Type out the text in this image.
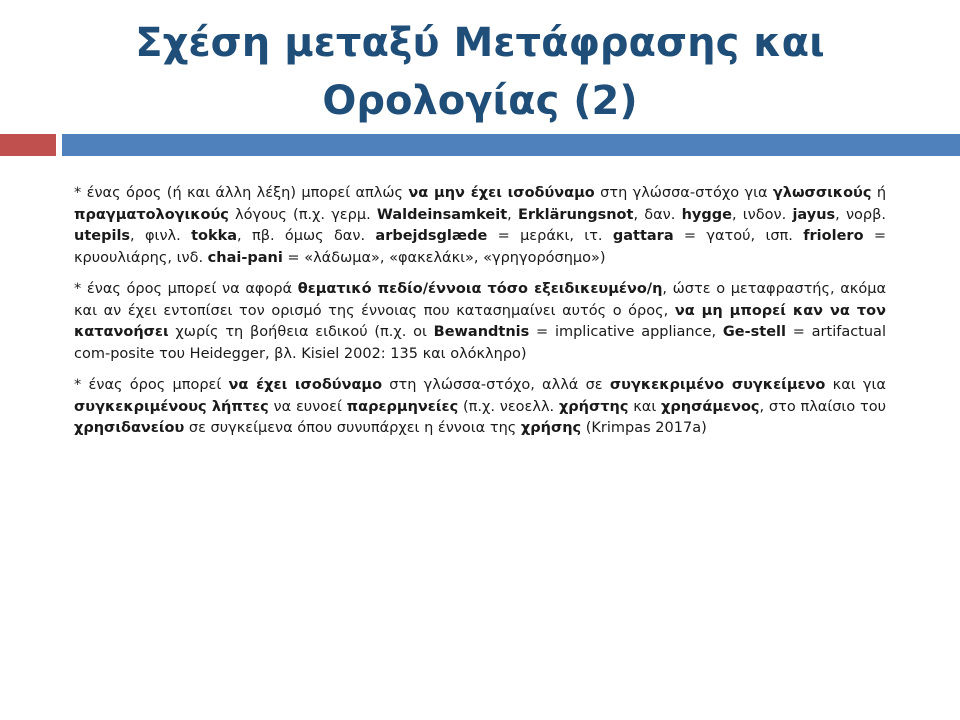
Σχέση μεταξύ Μετάφρασης και
Ορολογίας (2)

* ένας όρος (ή και άλλη λέξη) μπορεί απλώς να μην έχει ισοδύναμο στη γλώσσα-στόχο για γλωσσικούς ή πραγματολογικούς λόγους (π.χ. γερμ. Waldeinsamkeit, Erklärungsnot, δαν. hygge, ινδον. jayus, νορβ. utepils, φινλ. tokka, πβ. όμως δαν. arbejdsglæde = μεράκι, ιτ. gattara = γατού, ισπ. friolero = κρυουλιάρης, ινδ. chai-pani = «λάδωμα», «φακελάκι», «γρηγορόσημο»)

* ένας όρος μπορεί να αφορά θεματικό πεδίο/έννοια τόσο εξειδικευμένο/η, ώστε ο μεταφραστής, ακόμα και αν έχει εντοπίσει τον ορισμό της έννοιας που κατασημαίνει αυτός ο όρος, να μη μπορεί καν να τον κατανοήσει χωρίς τη βοήθεια ειδικού (π.χ. οι Bewandtnis = implicative appliance, Ge-stell = artifactual com-posite του Heidegger, βλ. Kisiel 2002: 135 και ολόκληρο)

* ένας όρος μπορεί να έχει ισοδύναμο στη γλώσσα-στόχο, αλλά σε συγκεκριμένο συγκείμενο και για συγκεκριμένους λήπτες να ευνοεί παρερμηνείες (π.χ. νεοελλ. χρήστης και χρησάμενος, στο πλαίσιο του χρησιδανείου σε συγκείμενα όπου συνυπάρχει η έννοια της χρήσης (Krimpas 2017a)
